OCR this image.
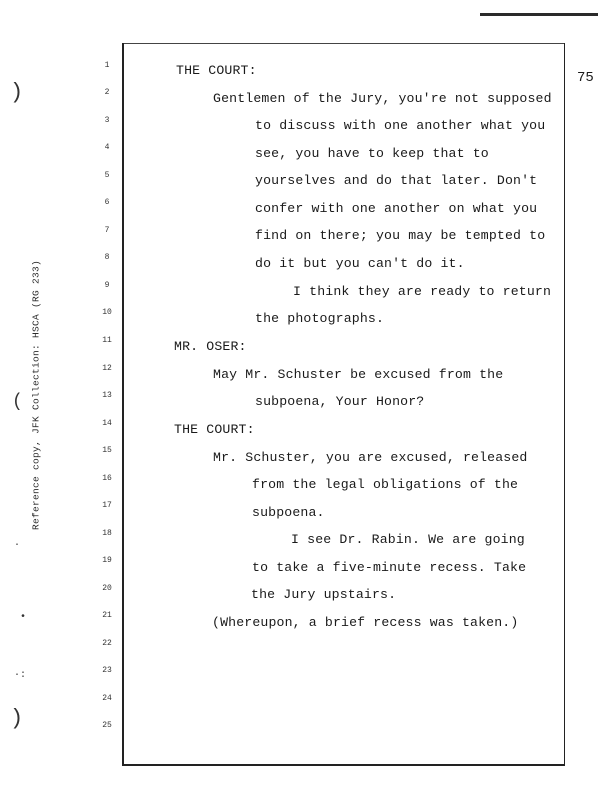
75
Reference copy, JFK Collection: HSCA (RG 233)
)
(
)
·
•
·:
1
2
3
4
5
6
7
8
9
10
11
12
13
14
15
16
17
18
19
20
21
22
23
24
25
THE COURT:
Gentlemen of the Jury, you're not supposed
to discuss with one another what you
see, you have to keep that to
yourselves and do that later. Don't
confer with one another on what you
find on there; you may be tempted to
do it but you can't do it.
I think they are ready to return
the photographs.
MR. OSER:
May Mr. Schuster be excused from the
subpoena, Your Honor?
THE COURT:
Mr. Schuster, you are excused, released
from the legal obligations of the
subpoena.
I see Dr. Rabin. We are going
to take a five-minute recess. Take
the Jury upstairs.
(Whereupon, a brief recess was taken.)
